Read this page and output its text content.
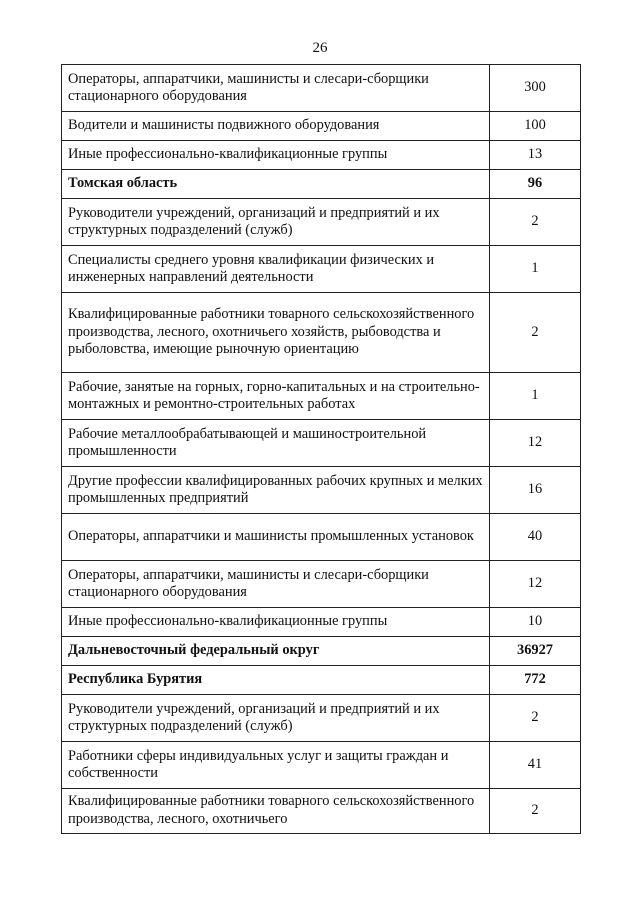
26
Операторы, аппаратчики, машинисты и слесари-сборщики стационарного оборудования	300
Водители и машинисты подвижного оборудования	100
Иные профессионально-квалификационные группы	13
Томская область	96
Руководители учреждений, организаций и предприятий и их структурных подразделений (служб)	2
Специалисты среднего уровня квалификации физических и инженерных направлений деятельности	1
Квалифицированные работники товарного сельскохозяйственного производства, лесного, охотничьего хозяйств, рыбоводства и рыболовства, имеющие рыночную ориентацию	2
Рабочие, занятые на горных, горно-капитальных и на строительно-монтажных и ремонтно-строительных работах	1
Рабочие металлообрабатывающей и машиностроительной промышленности	12
Другие профессии квалифицированных рабочих крупных и мелких промышленных предприятий	16
Операторы, аппаратчики и машинисты промышленных установок	40
Операторы, аппаратчики, машинисты и слесари-сборщики стационарного оборудования	12
Иные профессионально-квалификационные группы	10
Дальневосточный федеральный округ	36927
Республика Бурятия	772
Руководители учреждений, организаций и предприятий и их структурных подразделений (служб)	2
Работники сферы индивидуальных услуг и защиты граждан и собственности	41
Квалифицированные работники товарного сельскохозяйственного производства, лесного, охотничьего	2
